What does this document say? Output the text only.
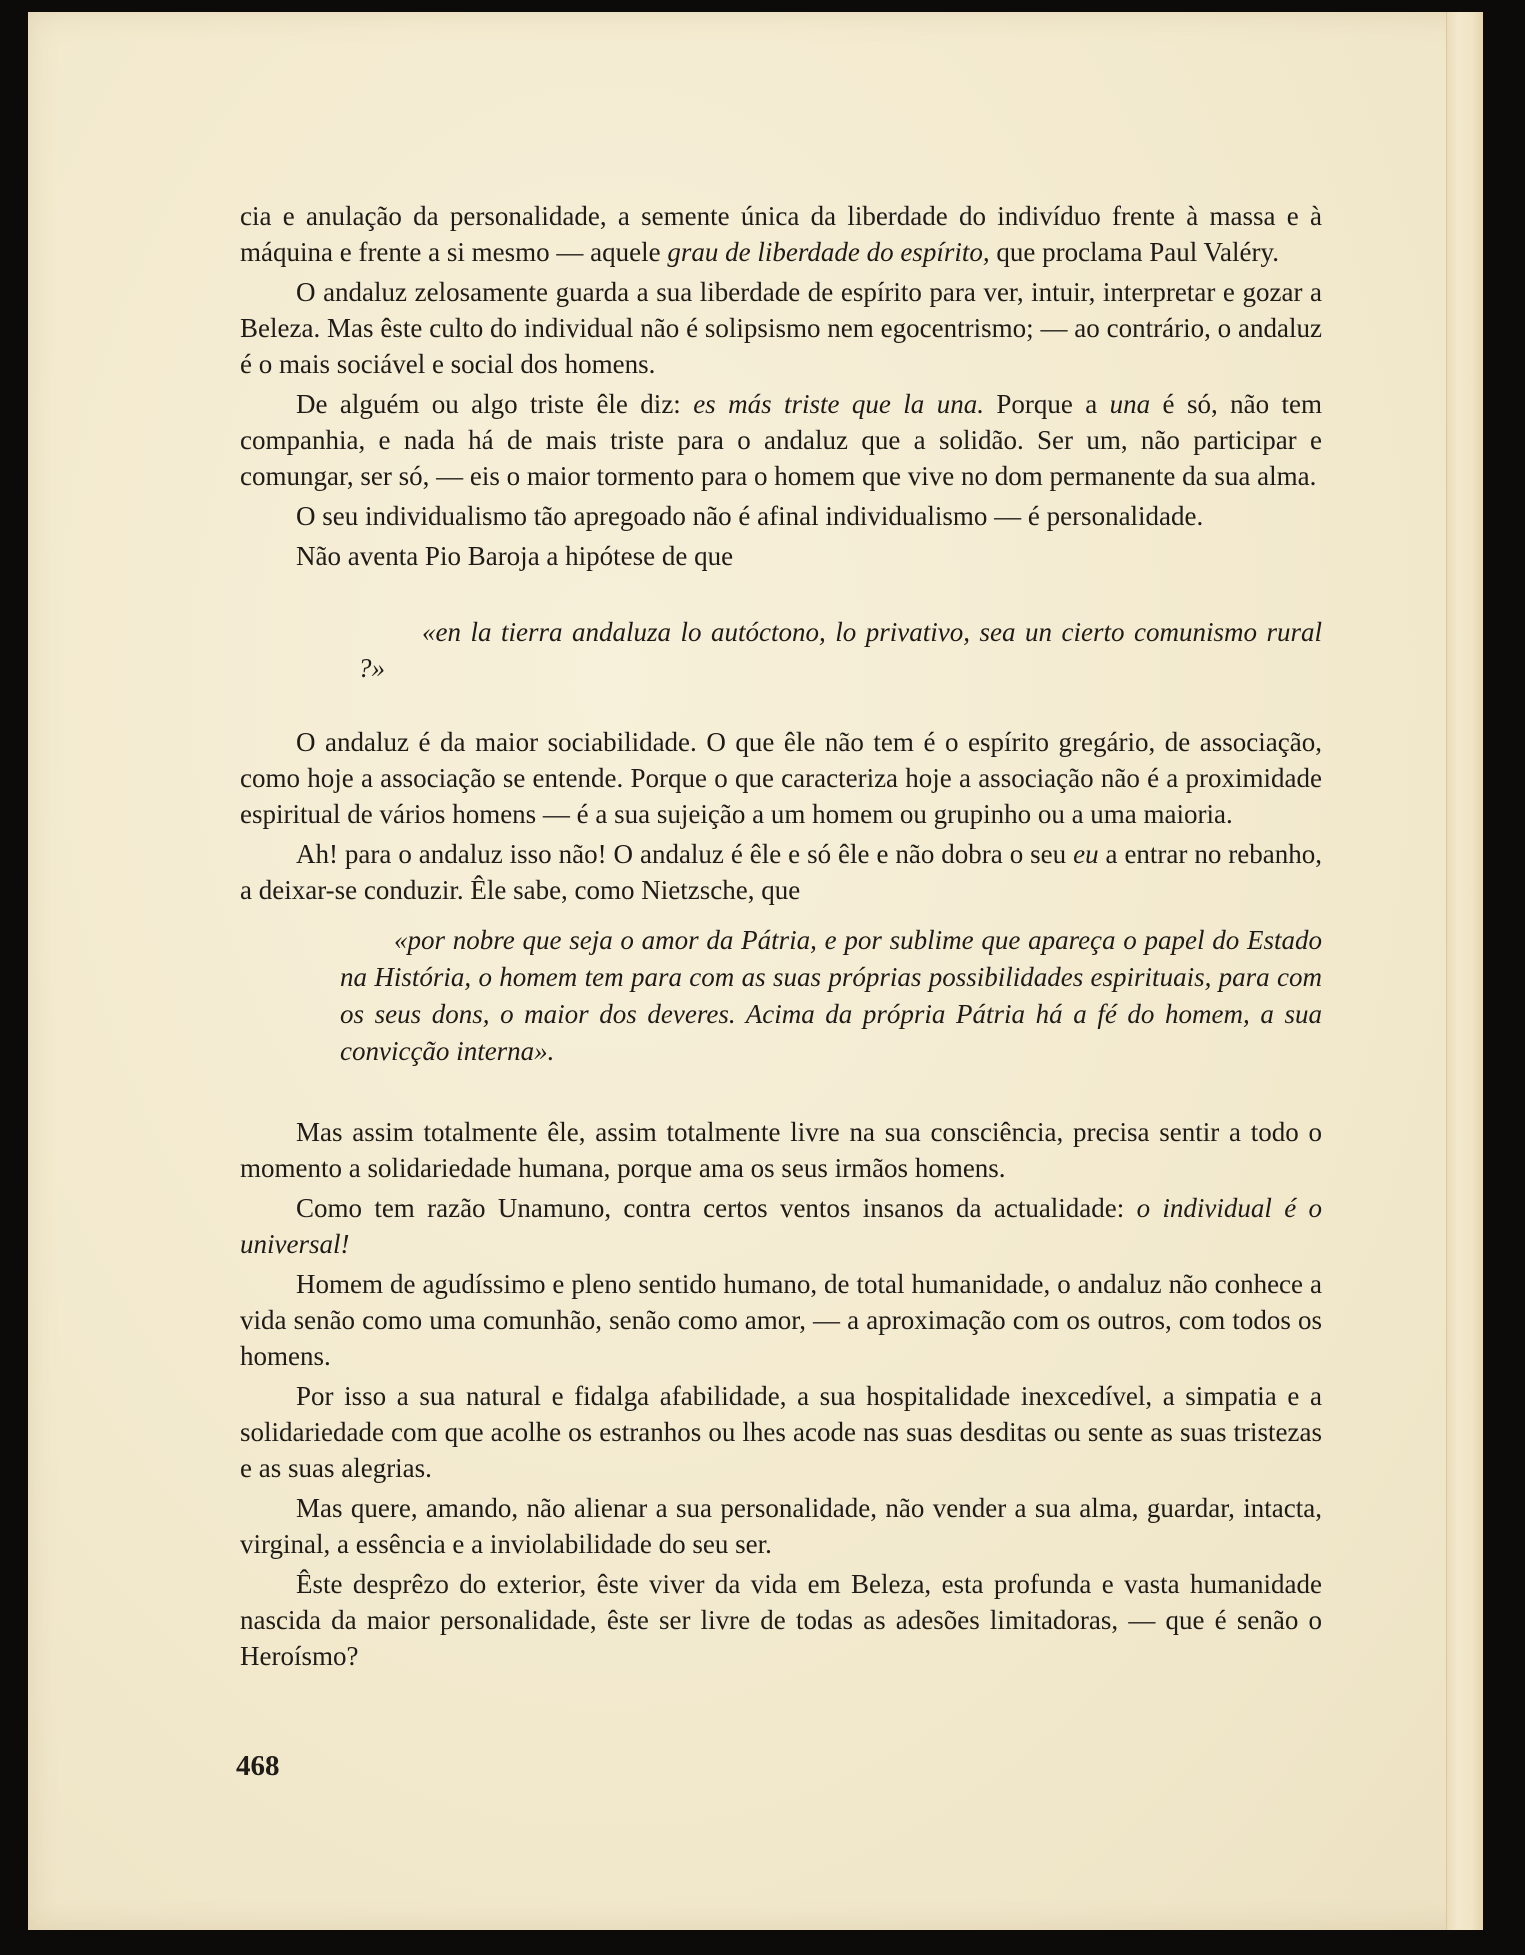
cia e anulação da personalidade, a semente única da liberdade do indivíduo frente à massa e à máquina e frente a si mesmo — aquele grau de liberdade do espírito, que proclama Paul Valéry.

O andaluz zelosamente guarda a sua liberdade de espírito para ver, intuir, interpretar e gozar a Beleza. Mas êste culto do individual não é solipsismo nem egocentrismo; — ao contrário, o andaluz é o mais sociável e social dos homens.

De alguém ou algo triste êle diz: es más triste que la una. Porque a una é só, não tem companhia, e nada há de mais triste para o andaluz que a solidão. Ser um, não participar e comungar, ser só, — eis o maior tormento para o homem que vive no dom permanente da sua alma.

O seu individualismo tão apregoado não é afinal individualismo — é personalidade.

Não aventa Pio Baroja a hipótese de que

«en la tierra andaluza lo autóctono, lo privativo, sea un cierto comunismo rural ?»

O andaluz é da maior sociabilidade. O que êle não tem é o espírito gregário, de associação, como hoje a associação se entende. Porque o que caracteriza hoje a associação não é a proximidade espiritual de vários homens — é a sua sujeição a um homem ou grupinho ou a uma maioria.

Ah! para o andaluz isso não! O andaluz é êle e só êle e não dobra o seu eu a entrar no rebanho, a deixar-se conduzir. Êle sabe, como Nietzsche, que

«por nobre que seja o amor da Pátria, e por sublime que apareça o papel do Estado na História, o homem tem para com as suas próprias possibilidades espirituais, para com os seus dons, o maior dos deveres. Acima da própria Pátria há a fé do homem, a sua convicção interna».

Mas assim totalmente êle, assim totalmente livre na sua consciência, precisa sentir a todo o momento a solidariedade humana, porque ama os seus irmãos homens.

Como tem razão Unamuno, contra certos ventos insanos da actualidade: o individual é o universal!

Homem de agudíssimo e pleno sentido humano, de total humanidade, o andaluz não conhece a vida senão como uma comunhão, senão como amor, — a aproximação com os outros, com todos os homens.

Por isso a sua natural e fidalga afabilidade, a sua hospitalidade inexcedível, a simpatia e a solidariedade com que acolhe os estranhos ou lhes acode nas suas desditas ou sente as suas tristezas e as suas alegrias.

Mas quere, amando, não alienar a sua personalidade, não vender a sua alma, guardar, intacta, virginal, a essência e a inviolabilidade do seu ser.

Êste desprêzo do exterior, êste viver da vida em Beleza, esta profunda e vasta humanidade nascida da maior personalidade, êste ser livre de todas as adesões limitadoras, — que é senão o Heroísmo?

468
